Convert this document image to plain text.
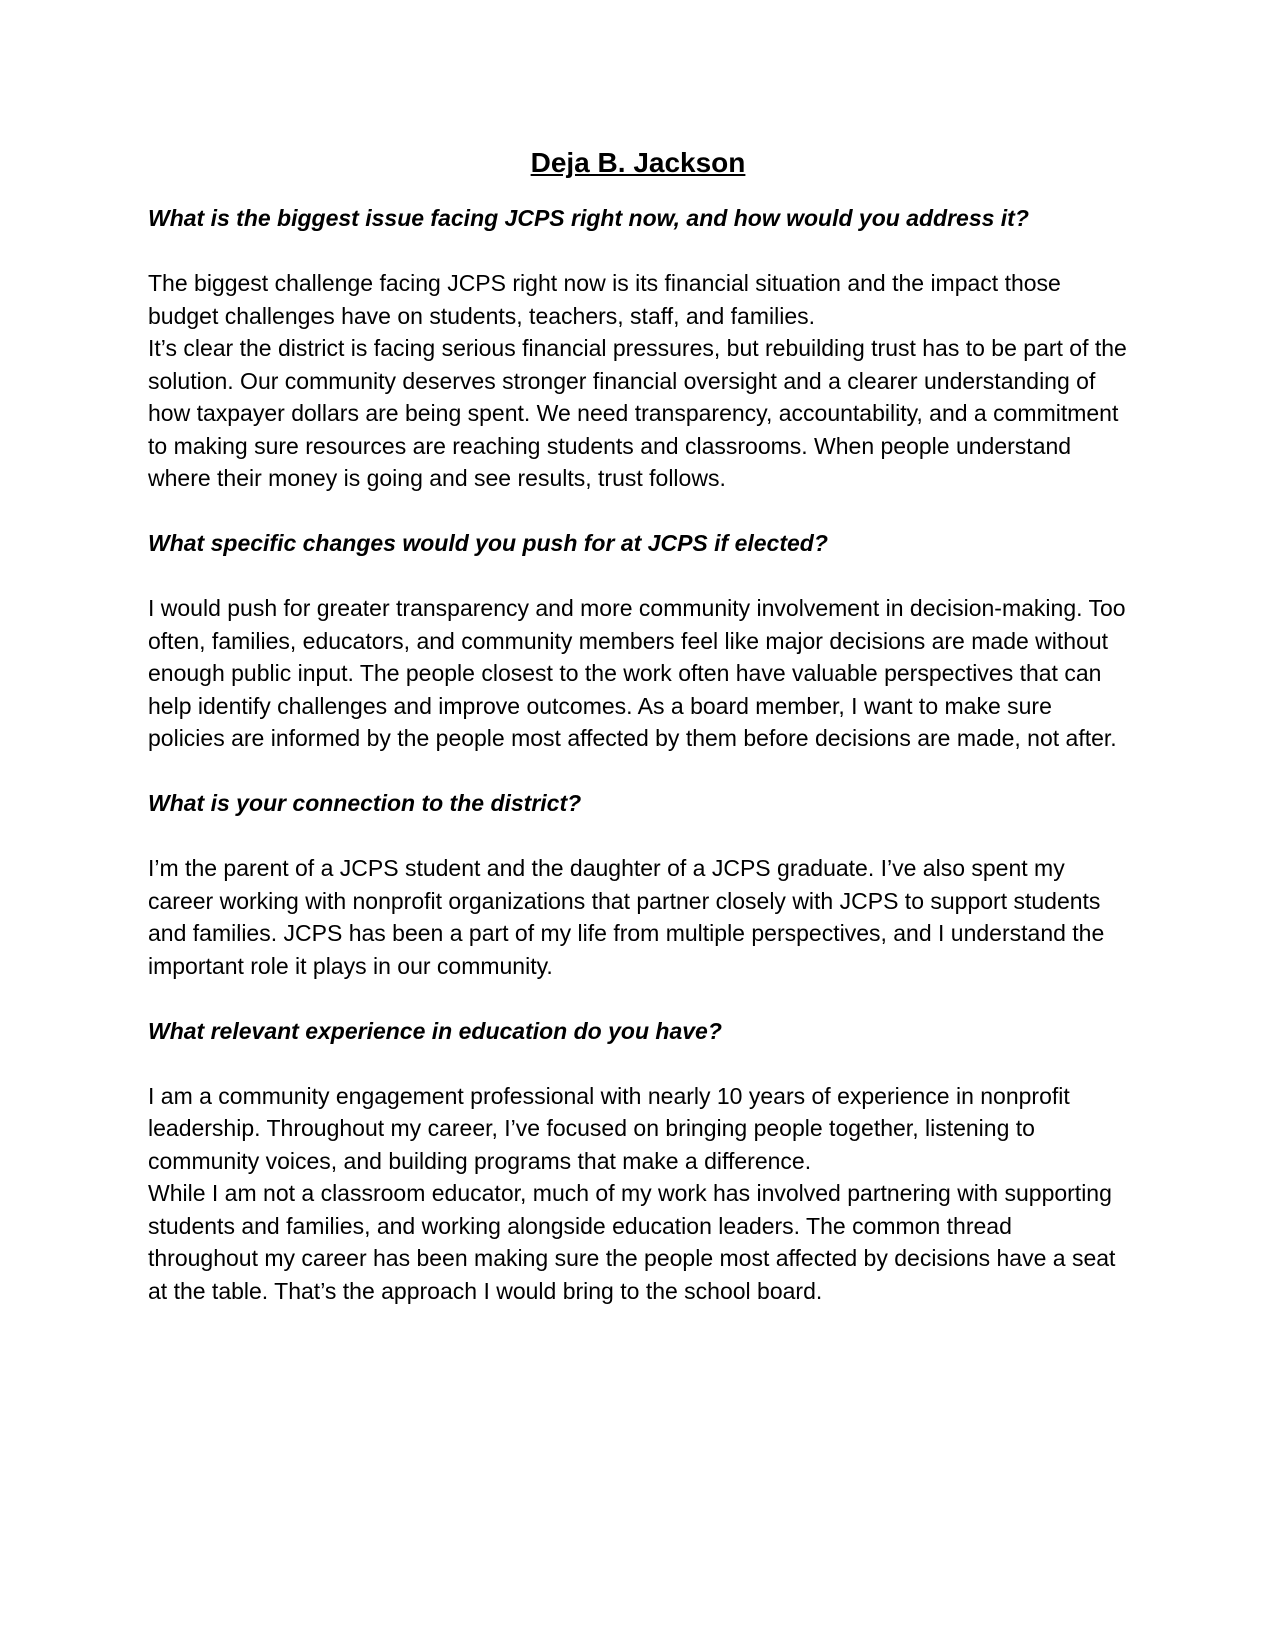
Deja B. Jackson
What is the biggest issue facing JCPS right now, and how would you address it?

The biggest challenge facing JCPS right now is its financial situation and the impact those budget challenges have on students, teachers, staff, and families.

It’s clear the district is facing serious financial pressures, but rebuilding trust has to be part of the solution. Our community deserves stronger financial oversight and a clearer understanding of how taxpayer dollars are being spent. We need transparency, accountability, and a commitment to making sure resources are reaching students and classrooms. When people understand where their money is going and see results, trust follows.

What specific changes would you push for at JCPS if elected?

I would push for greater transparency and more community involvement in decision-making. Too often, families, educators, and community members feel like major decisions are made without enough public input. The people closest to the work often have valuable perspectives that can help identify challenges and improve outcomes. As a board member, I want to make sure policies are informed by the people most affected by them before decisions are made, not after.

What is your connection to the district?

I’m the parent of a JCPS student and the daughter of a JCPS graduate. I’ve also spent my career working with nonprofit organizations that partner closely with JCPS to support students and families. JCPS has been a part of my life from multiple perspectives, and I understand the important role it plays in our community.

What relevant experience in education do you have?

I am a community engagement professional with nearly 10 years of experience in nonprofit leadership. Throughout my career, I’ve focused on bringing people together, listening to community voices, and building programs that make a difference.

While I am not a classroom educator, much of my work has involved partnering with supporting students and families, and working alongside education leaders. The common thread throughout my career has been making sure the people most affected by decisions have a seat at the table. That’s the approach I would bring to the school board.
